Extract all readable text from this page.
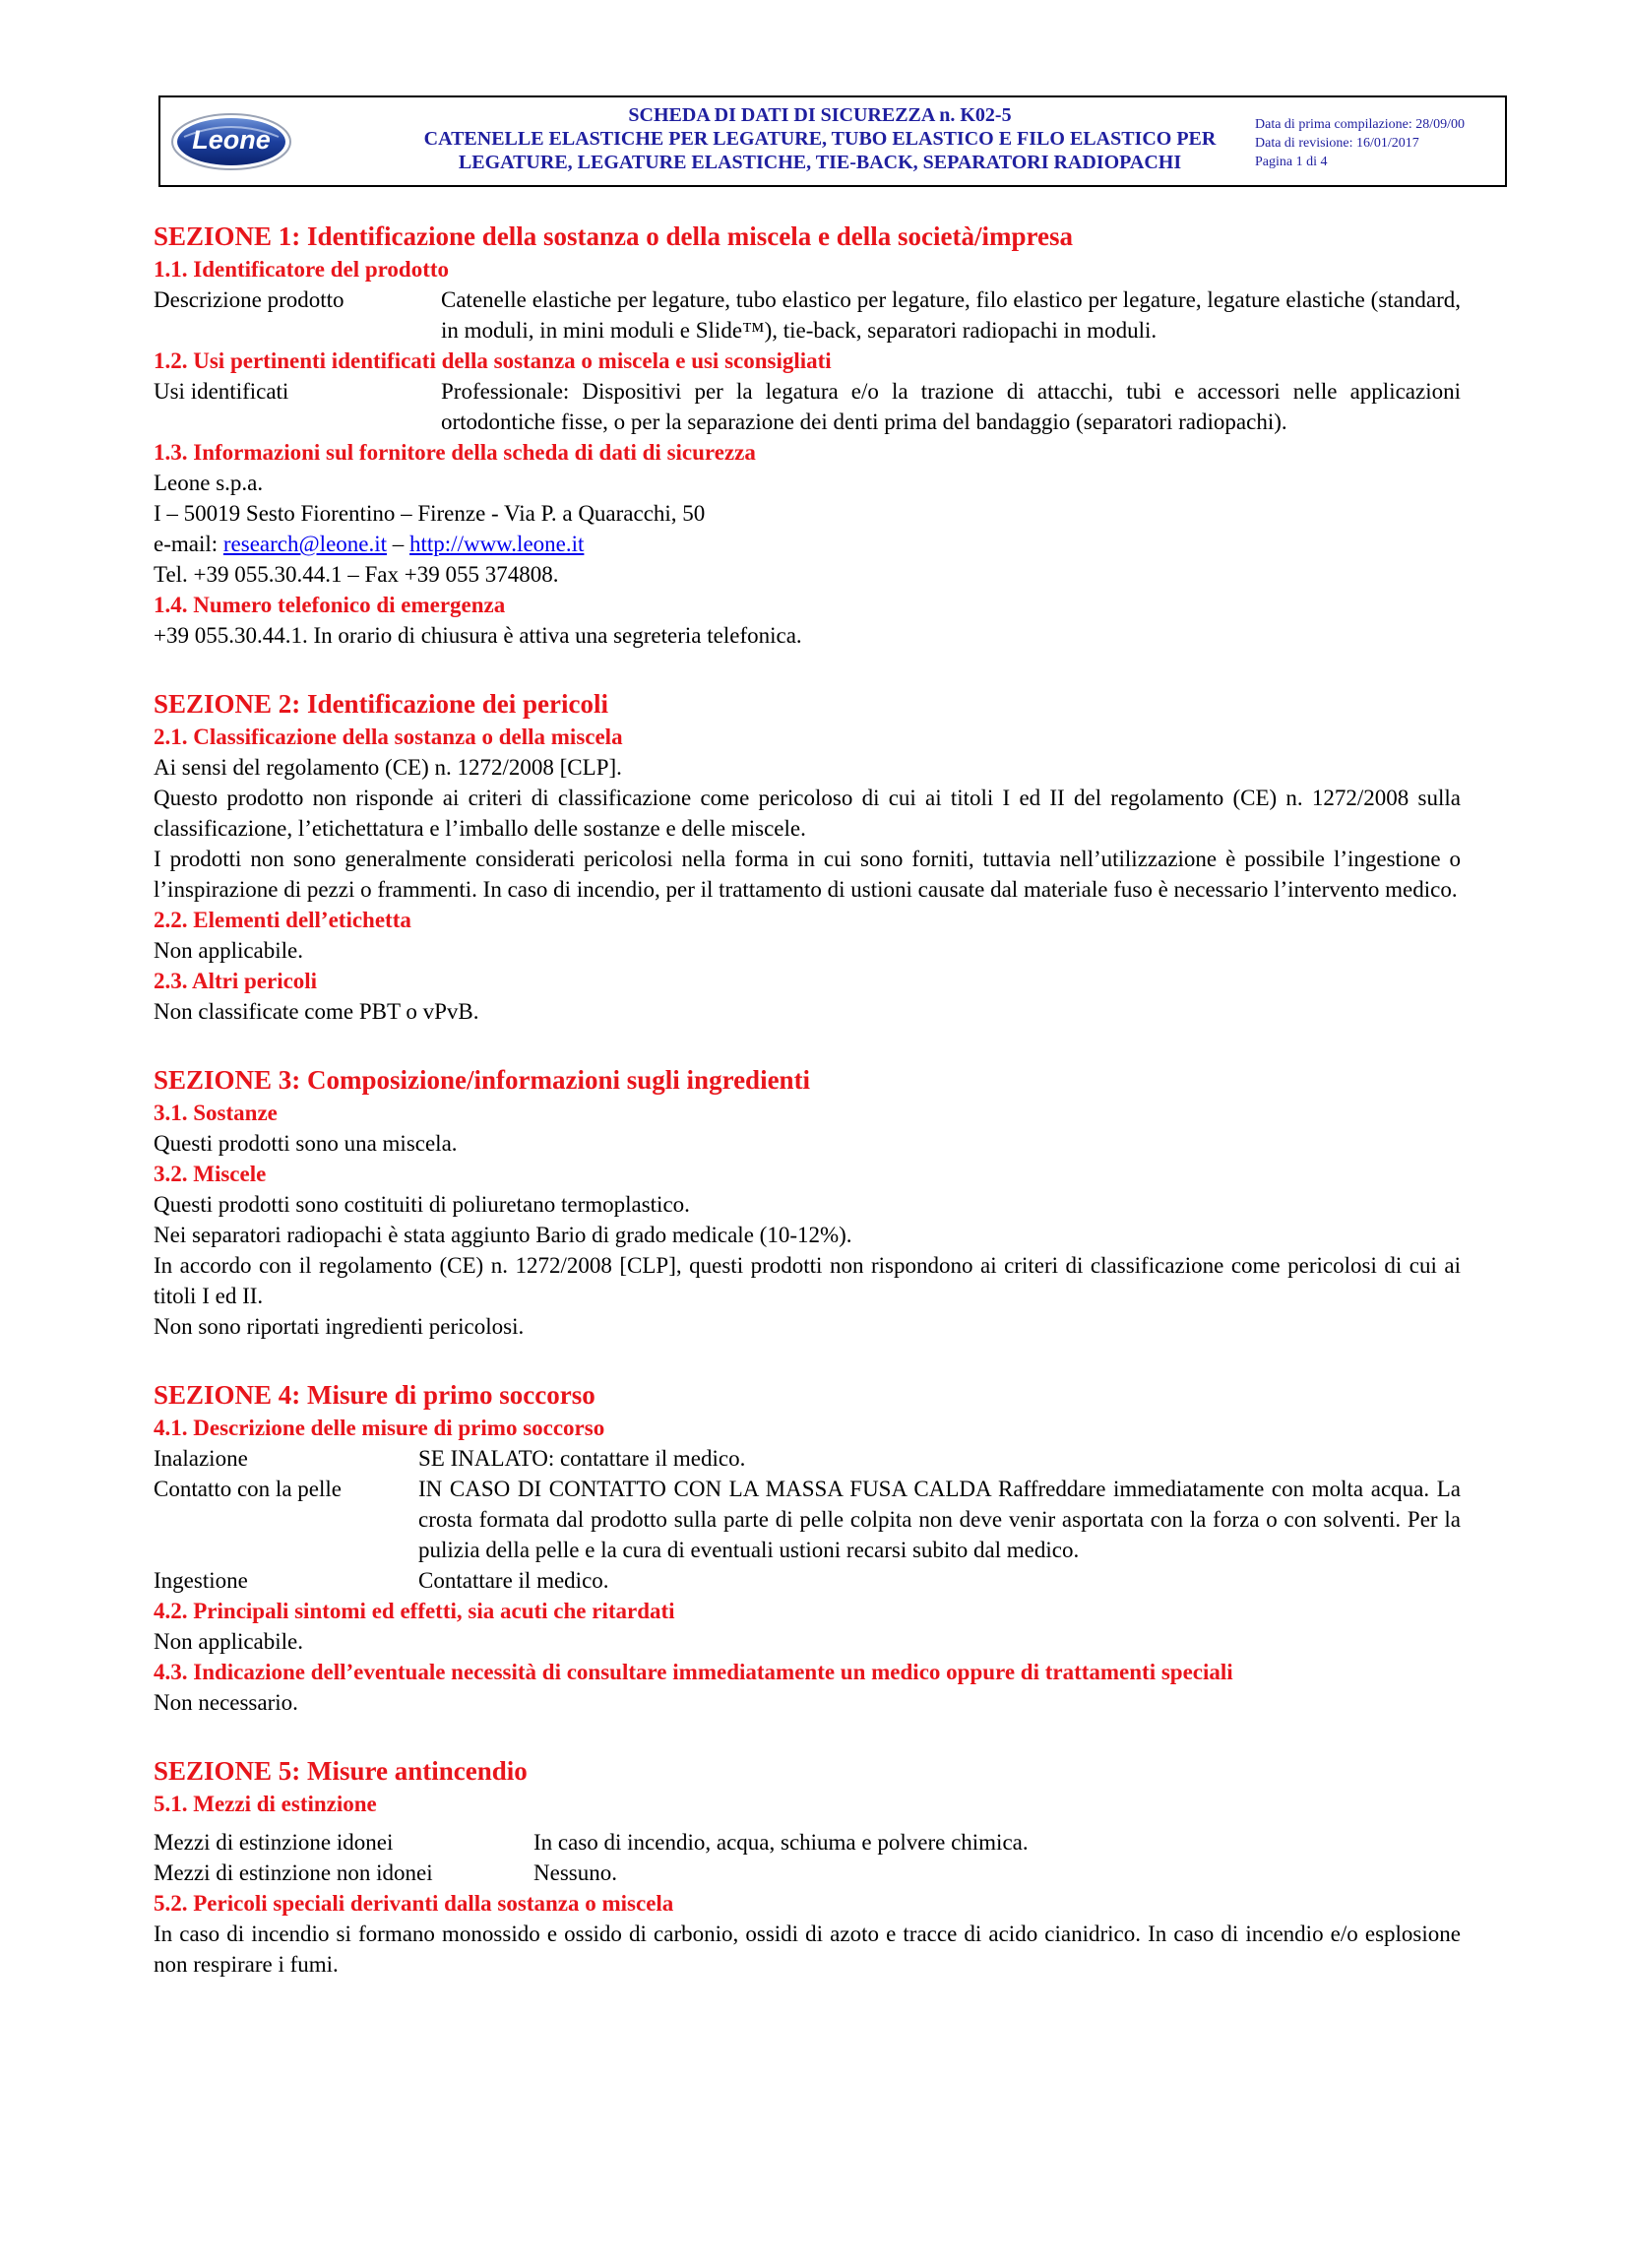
Leone
SCHEDA DI DATI DI SICUREZZA n. K02-5
CATENELLE ELASTICHE PER LEGATURE, TUBO ELASTICO E FILO ELASTICO PER
LEGATURE, LEGATURE ELASTICHE, TIE-BACK, SEPARATORI RADIOPACHI
Data di prima compilazione: 28/09/00
Data di revisione: 16/01/2017
Pagina 1 di 4
SEZIONE 1: Identificazione della sostanza o della miscela e della società/impresa
1.1. Identificatore del prodotto
Descrizione prodotto	Catenelle elastiche per legature, tubo elastico per legature, filo elastico per legature, legature elastiche (standard, in moduli, in mini moduli e Slide™), tie-back, separatori radiopachi in moduli.
1.2. Usi pertinenti identificati della sostanza o miscela e usi sconsigliati
Usi identificati	Professionale: Dispositivi per la legatura e/o la trazione di attacchi, tubi e accessori nelle applicazioni ortodontiche fisse, o per la separazione dei denti prima del bandaggio (separatori radiopachi).
1.3. Informazioni sul fornitore della scheda di dati di sicurezza
Leone s.p.a.
I – 50019 Sesto Fiorentino – Firenze - Via P. a Quaracchi, 50
e-mail: research@leone.it – http://www.leone.it
Tel. +39 055.30.44.1 – Fax +39 055 374808.
1.4. Numero telefonico di emergenza
+39 055.30.44.1. In orario di chiusura è attiva una segreteria telefonica.
SEZIONE 2: Identificazione dei pericoli
2.1. Classificazione della sostanza o della miscela
Ai sensi del regolamento (CE) n. 1272/2008 [CLP].
Questo prodotto non risponde ai criteri di classificazione come pericoloso di cui ai titoli I ed II del regolamento (CE) n. 1272/2008 sulla classificazione, l’etichettatura e l’imballo delle sostanze e delle miscele.
I prodotti non sono generalmente considerati pericolosi nella forma in cui sono forniti, tuttavia nell’utilizzazione è possibile l’ingestione o l’inspirazione di pezzi o frammenti. In caso di incendio, per il trattamento di ustioni causate dal materiale fuso è necessario l’intervento medico.
2.2. Elementi dell’etichetta
Non applicabile.
2.3. Altri pericoli
Non classificate come PBT o vPvB.
SEZIONE 3: Composizione/informazioni sugli ingredienti
3.1. Sostanze
Questi prodotti sono una miscela.
3.2. Miscele
Questi prodotti sono costituiti di poliuretano termoplastico.
Nei separatori radiopachi è stata aggiunto Bario di grado medicale (10-12%).
In accordo con il regolamento (CE) n. 1272/2008 [CLP], questi prodotti non rispondono ai criteri di classificazione come pericolosi di cui ai titoli I ed II.
Non sono riportati ingredienti pericolosi.
SEZIONE 4: Misure di primo soccorso
4.1. Descrizione delle misure di primo soccorso
Inalazione	SE INALATO: contattare il medico.
Contatto con la pelle	IN CASO DI CONTATTO CON LA MASSA FUSA CALDA Raffreddare immediatamente con molta acqua. La crosta formata dal prodotto sulla parte di pelle colpita non deve venir asportata con la forza o con solventi. Per la pulizia della pelle e la cura di eventuali ustioni recarsi subito dal medico.
Ingestione	Contattare il medico.
4.2. Principali sintomi ed effetti, sia acuti che ritardati
Non applicabile.
4.3. Indicazione dell’eventuale necessità di consultare immediatamente un medico oppure di trattamenti speciali
Non necessario.
SEZIONE 5: Misure antincendio
5.1. Mezzi di estinzione
Mezzi di estinzione idonei	In caso di incendio, acqua, schiuma e polvere chimica.
Mezzi di estinzione non idonei	Nessuno.
5.2. Pericoli speciali derivanti dalla sostanza o miscela
In caso di incendio si formano monossido e ossido di carbonio, ossidi di azoto e tracce di acido cianidrico. In caso di incendio e/o esplosione non respirare i fumi.
